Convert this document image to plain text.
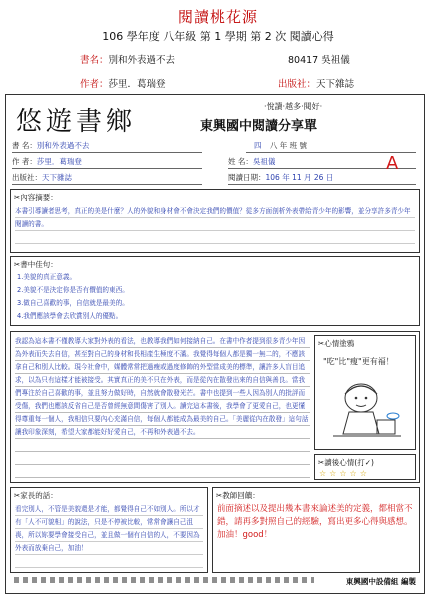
閱讀桃花源
106 學年度 八年級 第 1 學期 第 2 次 閱讀心得
書名：別和外表過不去	80417 吳祖儀
作者：莎里．葛瑞登	出版社：天下雜誌
悠遊書鄉
‧悅讀‧越多‧閱好‧
東興國中閱讀分享單
書 名：別和外表過不去	四 八 年 班 號
作 者：莎里．葛瑞登	姓 名：吳祖儀
出版社：天下雜誌	閱讀日期：106 年 11 月 26 日
A
✂內容摘要：
本書引導讀者思考，真正的美是什麼？人的外貌和身材會不會決定我們的價值？從多方面剖析外表帶給青少年的影響，並分享許多青少年閱讀的書。
✂書中佳句：
1.美貌的真正意義。
2.美貌不是決定你是否有價值的東西。
3.做自己喜歡的事，自信就是最美的。
4.我們應該學會去欣賞別人的優點。
我認為這本書不僅教導大家對外表的看法，也教導我們如何接納自己。在書中作者提到很多青少年因為外表而失去自信，甚至對自己的身材和長相產生極度不滿。我覺得每個人都是獨一無二的，不應該拿自己和別人比較。現今社會中，媒體常常把過瘦或過度修飾的外型當成美的標準，讓許多人盲目追求，以為只有這樣才能被接受。其實真正的美不只在外表，而是從內在散發出來的自信與善良。當我們專注於自己喜歡的事，並且努力做好時，自然就會散發光芒。書中也提到一些人因為別人的批評而受傷，我們也應該反省自己是否曾經無意間傷害了別人。讀完這本書後，我學會了更愛自己，也更懂得尊重每一個人，我相信只要內心充滿自信，每個人都能成為最美的自己。「美麗從內在散發」這句話讓我印象深刻，希望大家都能好好愛自己，不再和外表過不去。
✂心情塗鴉
"吃"比"瘦"更有福！
✂讀後心情(打✓)
☆☆☆☆☆
✂家長的話：
看完別人，不管是美貌還是才能，都覺得自己不如別人。所以才有「人不可貌相」的說法，只是不停被比較，常常會讓自己沮喪，所以妳要學會接受自己，並且做一個有自信的人，不要因為外表而放棄自己，加油！
✂教師回饋：
前面摘述以及提出幾本書來論述美的定義，都相當不錯，請再多對照自己的經驗，寫出更多心得與感想。加油！good！
東興國中設備組 編製
